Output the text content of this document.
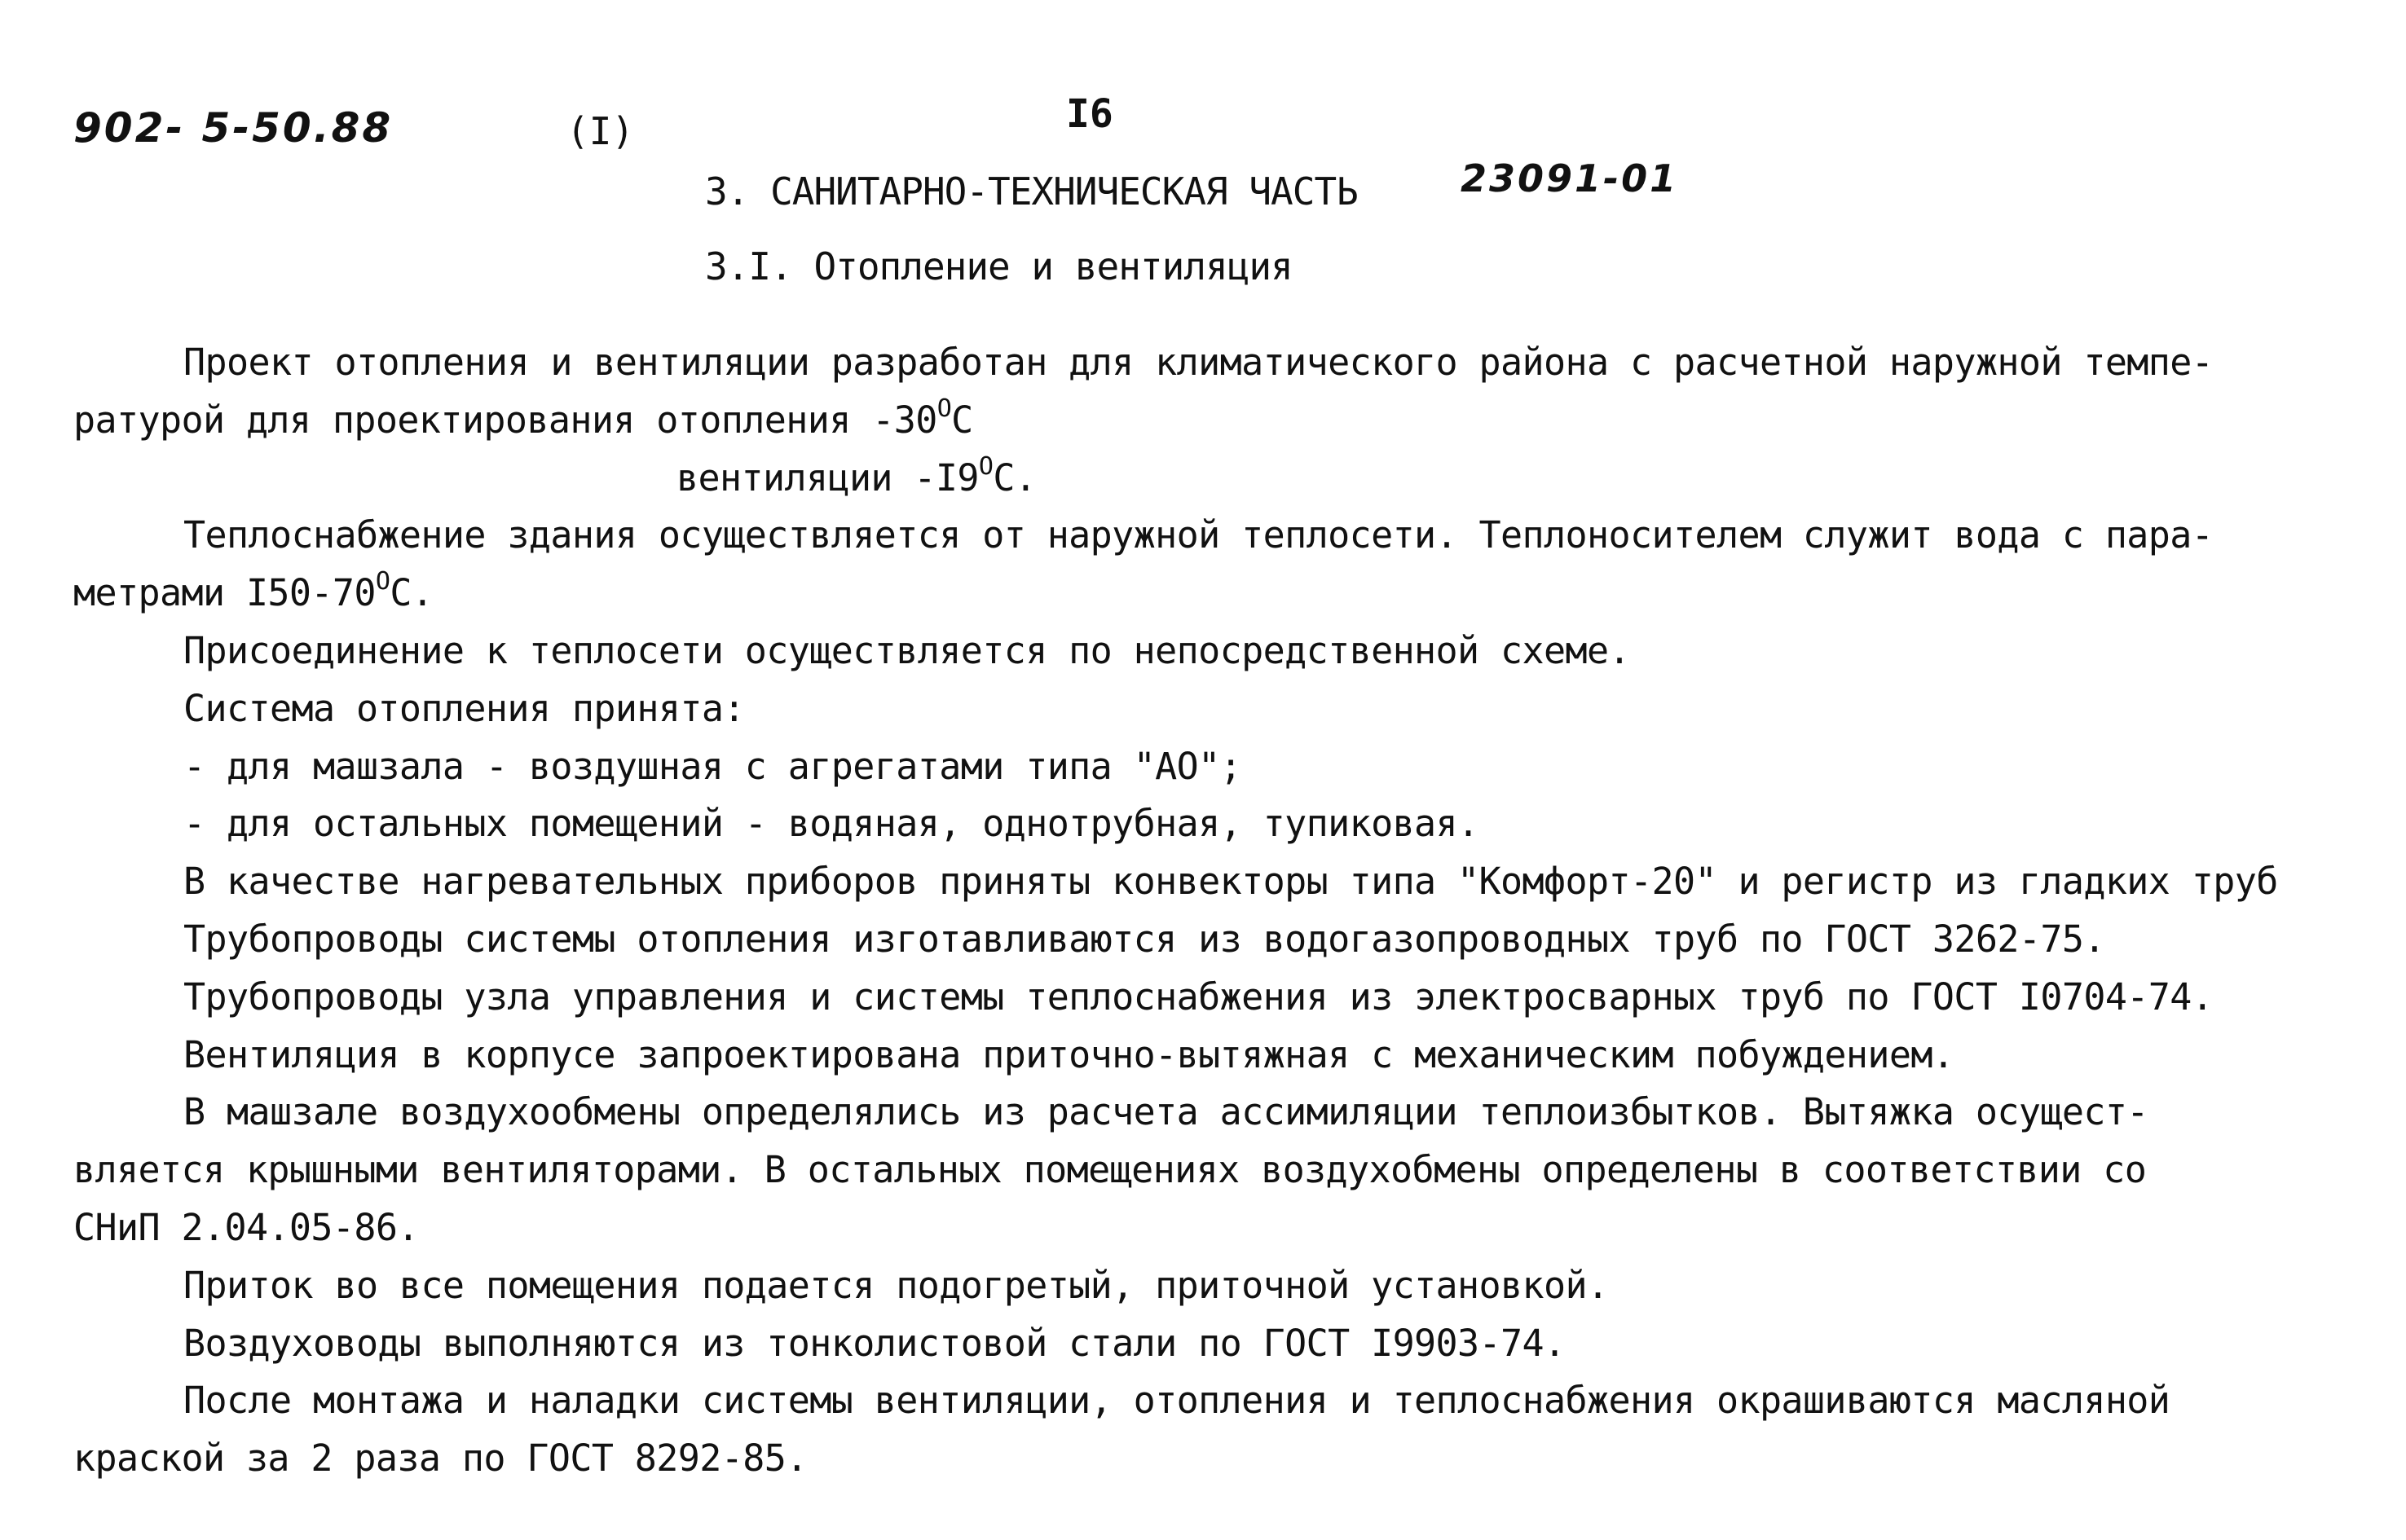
902- 5-50.88	(I)	I6
23091-01
3. САНИТАРНО-ТЕХНИЧЕСКАЯ ЧАСТЬ
3.I. Отопление и вентиляция
Проект отопления и вентиляции разработан для климатического района с расчетной наружной темпе-
ратурой для проектирования отопления $-30^OC$
вентиляции $-I9^OC$.
Теплоснабжение здания осуществляется от наружной теплосети. Теплоносителем служит вода с пара-
метрами $I50-70^OC$.
Присоединение к теплосети осуществляется по непосредственной схеме.
Система отопления принята:
- для машзала - воздушная с агрегатами типа "АО";
- для остальных помещений - водяная, однотрубная, тупиковая.
В качестве нагревательных приборов приняты конвекторы типа "Комфорт-20" и регистр из гладких труб
Трубопроводы системы отопления изготавливаются из водогазопроводных труб по ГОСТ 3262-75.
Трубопроводы узла управления и системы теплоснабжения из электросварных труб по ГОСТ I0704-74.
Вентиляция в корпусе запроектирована приточно-вытяжная с механическим побуждением.
В машзале воздухообмены определялись из расчета ассимиляции теплоизбытков. Вытяжка осущест-
вляется крышными вентиляторами. В остальных помещениях воздухобмены определены в соответствии со
СНиП 2.04.05-86.
Приток во все помещения подается подогретый, приточной установкой.
Воздуховоды выполняются из тонколистовой стали по ГОСТ I9903-74.
После монтажа и наладки системы вентиляции, отопления и теплоснабжения окрашиваются масляной
краской за 2 раза по ГОСТ 8292-85.
